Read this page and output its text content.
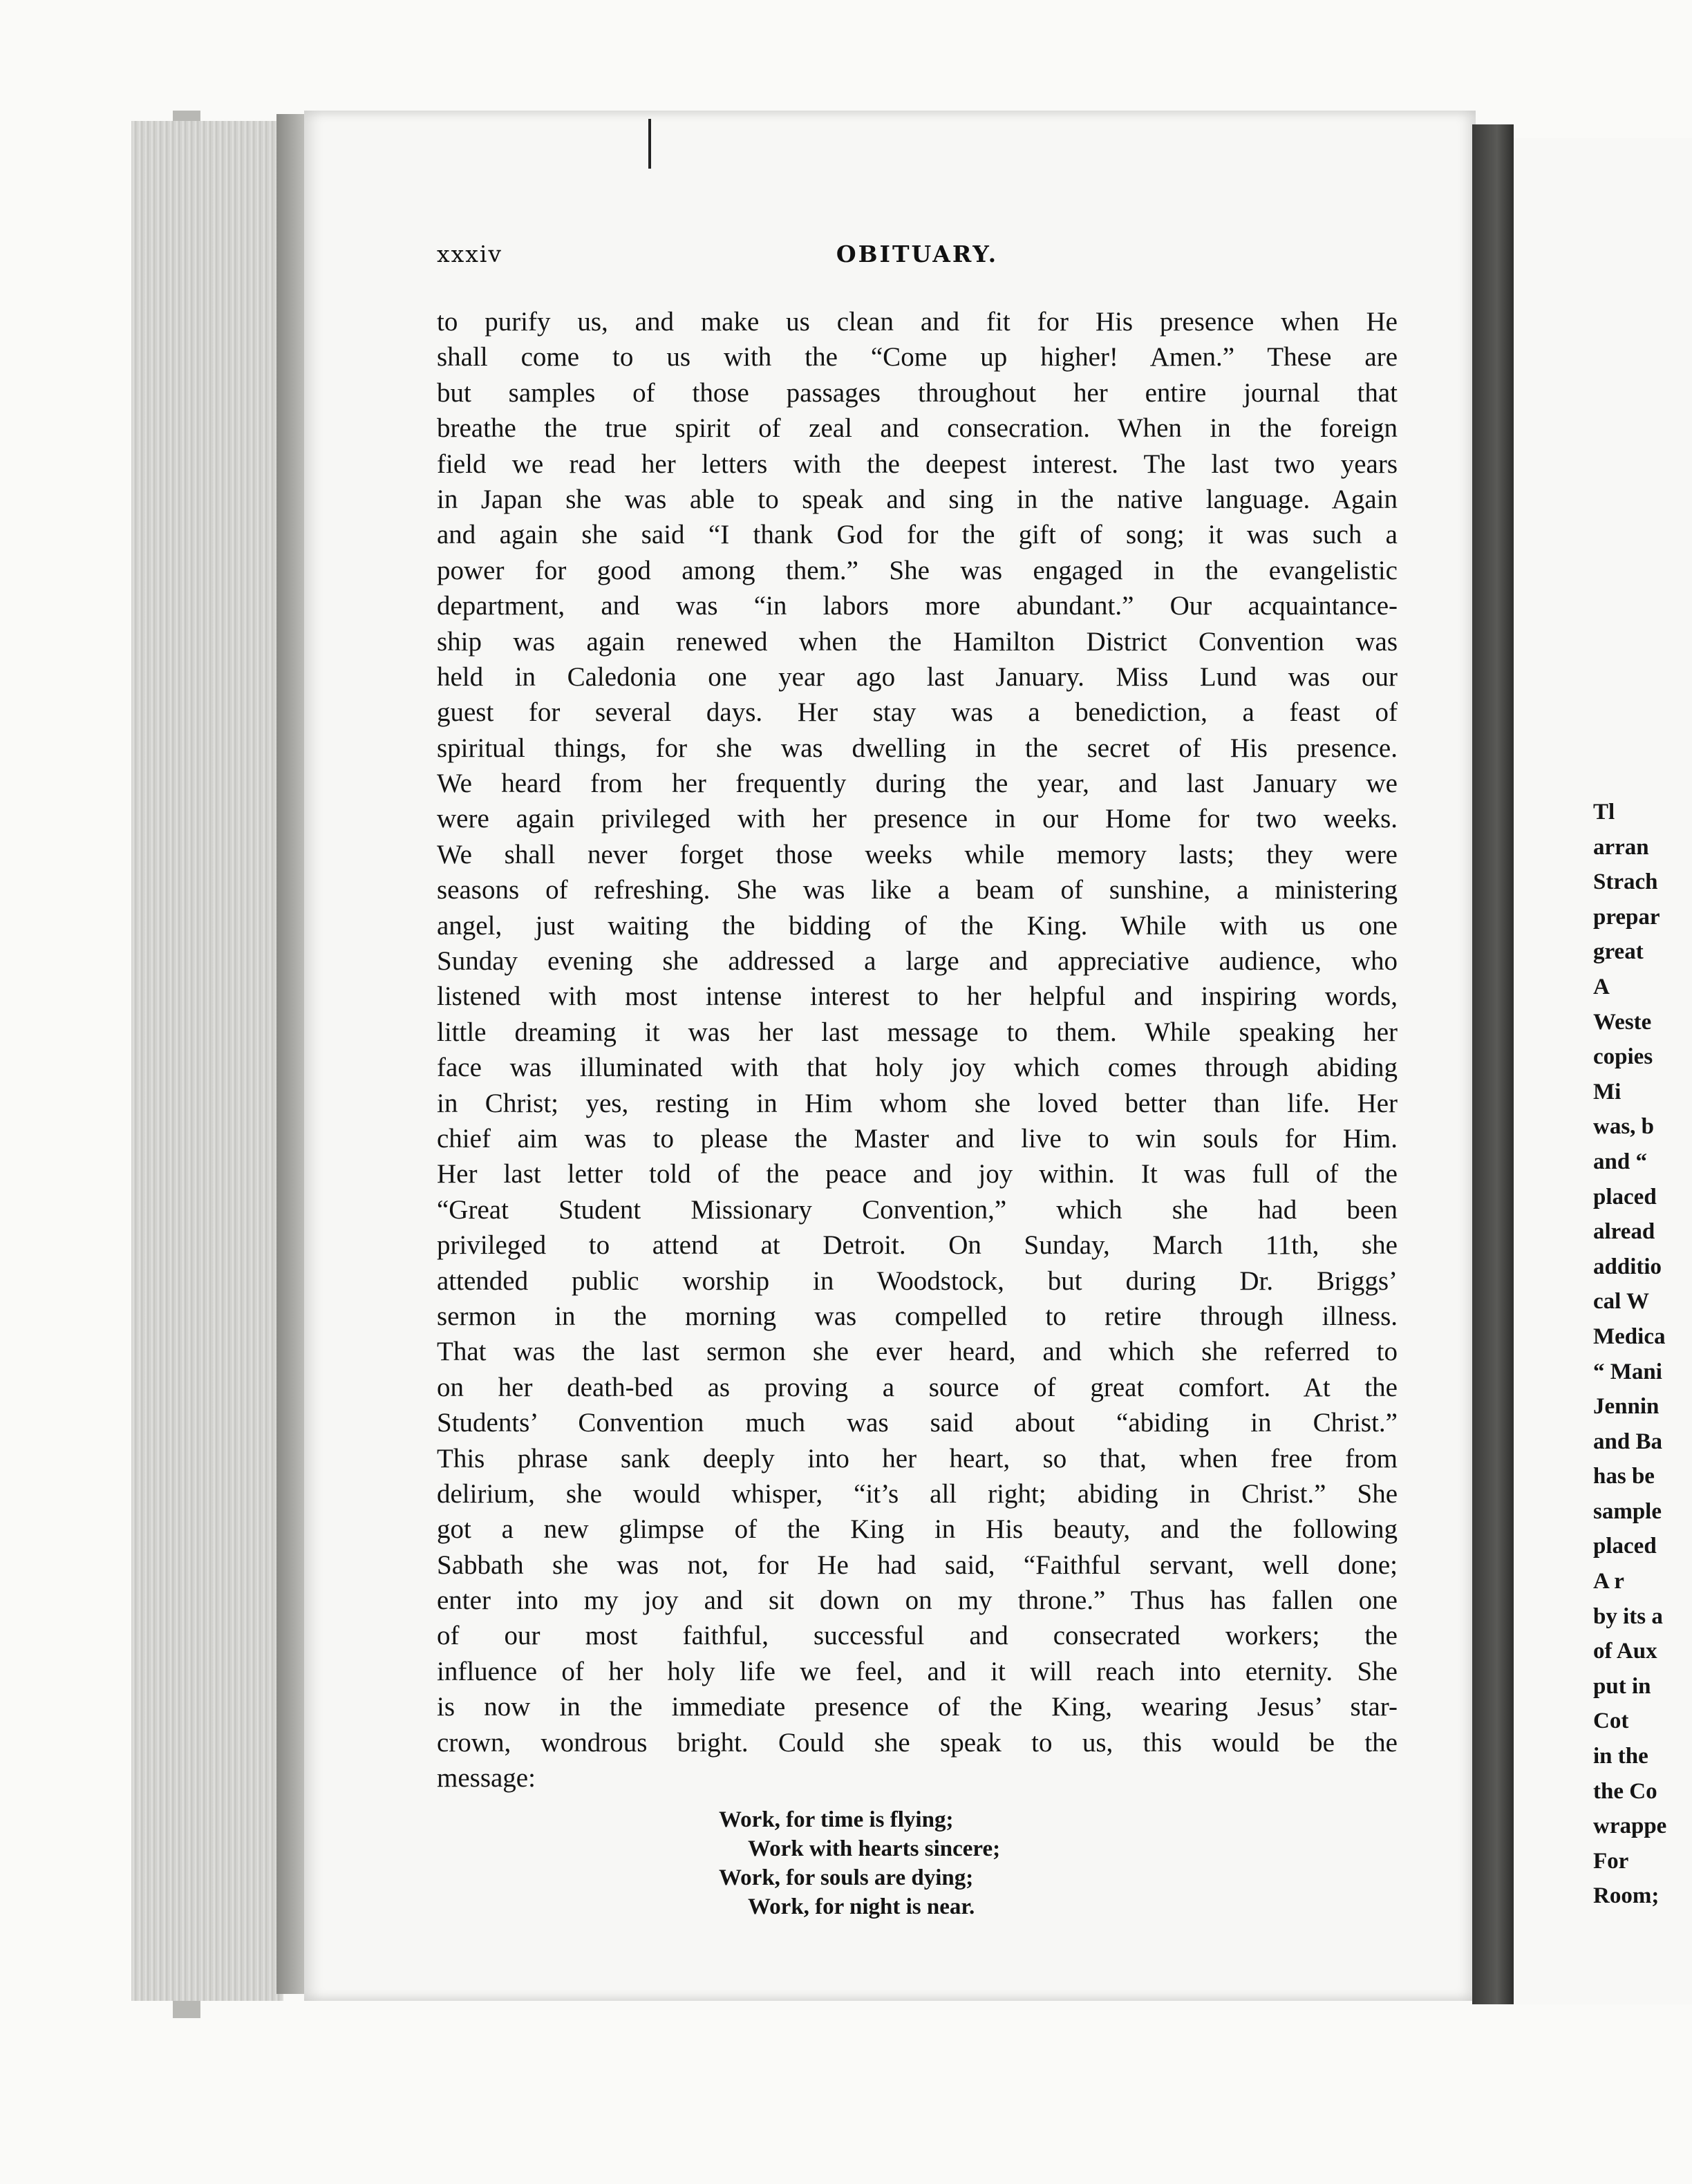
xxxiv	OBITUARY.
to purify us, and make us clean and fit for His presence when He
shall come to us with the “Come up higher! Amen.” These are
but samples of those passages throughout her entire journal that
breathe the true spirit of zeal and consecration. When in the foreign
field we read her letters with the deepest interest. The last two years
in Japan she was able to speak and sing in the native language. Again
and again she said “I thank God for the gift of song; it was such a
power for good among them.” She was engaged in the evangelistic
department, and was “in labors more abundant.” Our acquaintance-
ship was again renewed when the Hamilton District Convention was
held in Caledonia one year ago last January. Miss Lund was our
guest for several days. Her stay was a benediction, a feast of
spiritual things, for she was dwelling in the secret of His presence.
We heard from her frequently during the year, and last January we
were again privileged with her presence in our Home for two weeks.
We shall never forget those weeks while memory lasts; they were
seasons of refreshing. She was like a beam of sunshine, a ministering
angel, just waiting the bidding of the King. While with us one
Sunday evening she addressed a large and appreciative audience, who
listened with most intense interest to her helpful and inspiring words,
little dreaming it was her last message to them. While speaking her
face was illuminated with that holy joy which comes through abiding
in Christ; yes, resting in Him whom she loved better than life. Her
chief aim was to please the Master and live to win souls for Him.
Her last letter told of the peace and joy within. It was full of the
“Great Student Missionary Convention,” which she had been
privileged to attend at Detroit. On Sunday, March 11th, she
attended public worship in Woodstock, but during Dr. Briggs’
sermon in the morning was compelled to retire through illness.
That was the last sermon she ever heard, and which she referred to
on her death-bed as proving a source of great comfort. At the
Students’ Convention much was said about “abiding in Christ.”
This phrase sank deeply into her heart, so that, when free from
delirium, she would whisper, “it’s all right; abiding in Christ.” She
got a new glimpse of the King in His beauty, and the following
Sabbath she was not, for He had said, “Faithful servant, well done;
enter into my joy and sit down on my throne.” Thus has fallen one
of our most faithful, successful and consecrated workers; the
influence of her holy life we feel, and it will reach into eternity. She
is now in the immediate presence of the King, wearing Jesus’ star-
crown, wondrous bright. Could she speak to us, this would be the
message:
Work, for time is flying;
Work with hearts sincere;
Work, for souls are dying;
Work, for night is near.
Tl
arran
Strach
prepar
great
A
Weste
copies
Mi
was, b
and “
placed
alread
additio
cal W
Medica
“ Mani
Jennin
and Ba
has be
sample
placed
A r
by its a
of Aux
put in
Cot
in the
the Co
wrappe
For
Room;
